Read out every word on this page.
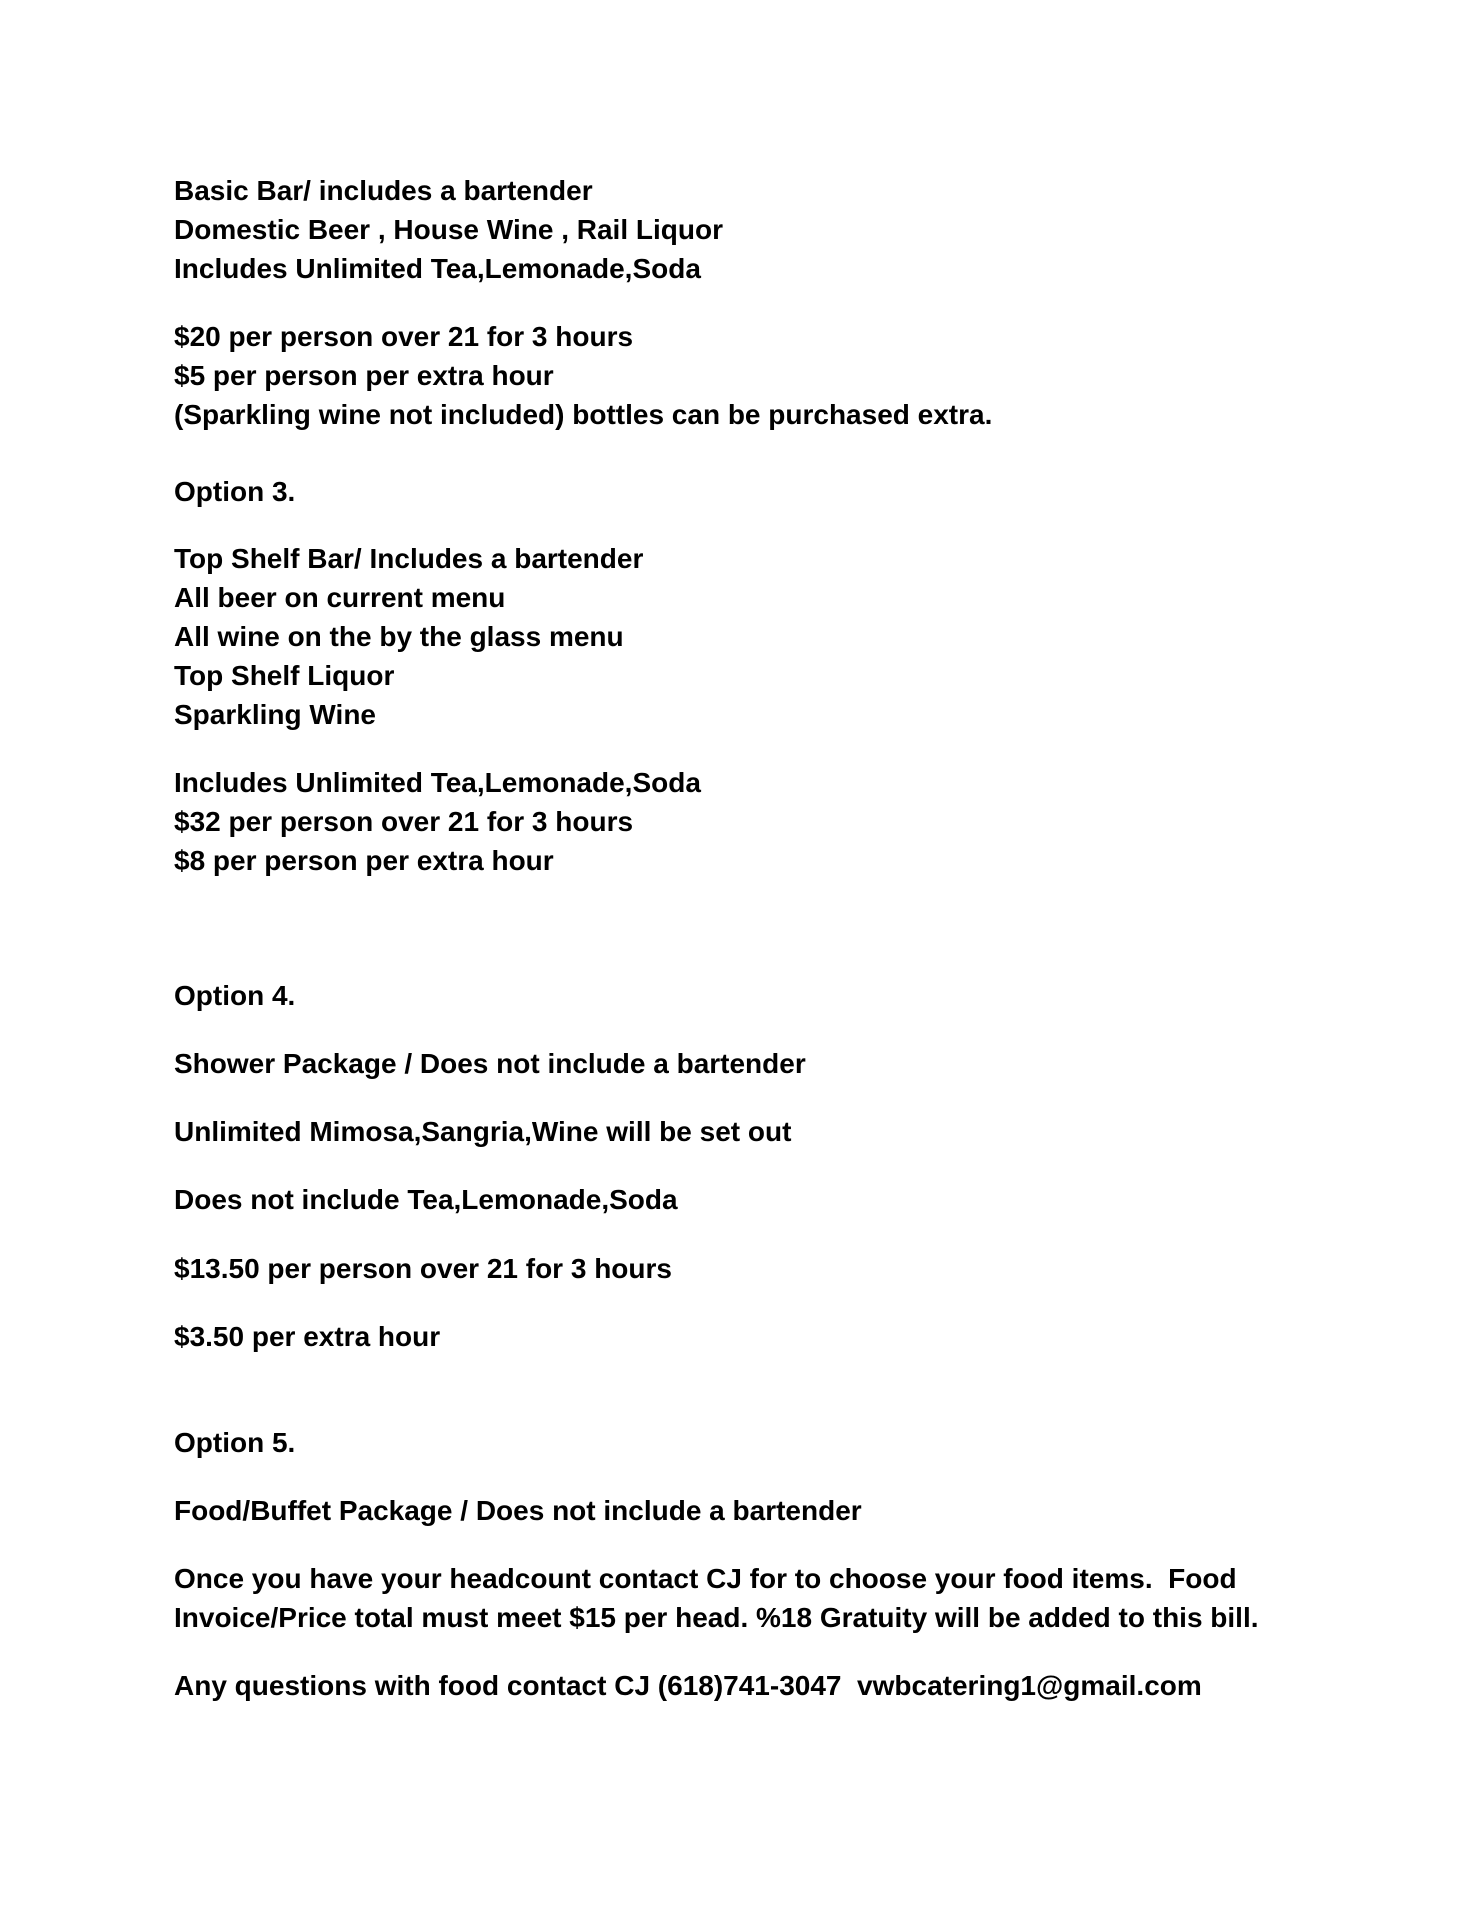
Basic Bar/ includes a bartender

Domestic Beer , House Wine , Rail Liquor

Includes Unlimited Tea,Lemonade,Soda

$20 per person over 21 for 3 hours

$5 per person per extra hour

(Sparkling wine not included) bottles can be purchased extra.

Option 3.

Top Shelf Bar/ Includes a bartender

All beer on current menu

All wine on the by the glass menu

Top Shelf Liquor

Sparkling Wine

Includes Unlimited Tea,Lemonade,Soda

$32 per person over 21 for 3 hours

$8 per person per extra hour

Option 4.

Shower Package / Does not include a bartender

Unlimited Mimosa,Sangria,Wine will be set out

Does not include Tea,Lemonade,Soda

$13.50 per person over 21 for 3 hours

$3.50 per extra hour

Option 5.

Food/Buffet Package / Does not include a bartender

Once you have your headcount contact CJ for to choose your food items.  Food

Invoice/Price total must meet $15 per head. %18 Gratuity will be added to this bill.

Any questions with food contact CJ (618)741-3047  vwbcatering1@gmail.com
